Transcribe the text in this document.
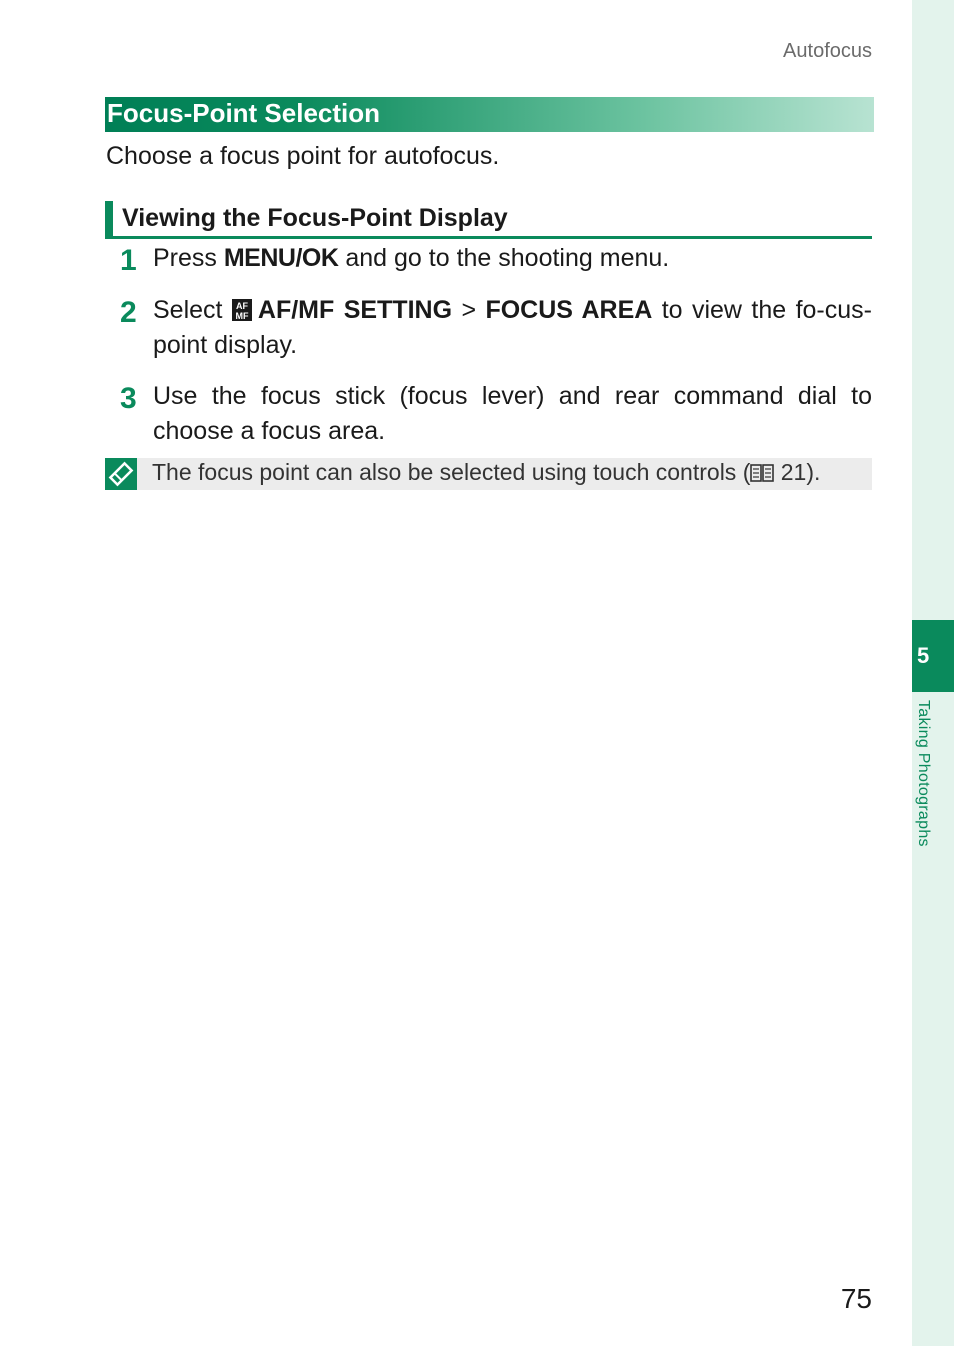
5
Taking Photographs
Autofocus
Focus-Point Selection
Choose a focus point for autofocus.
Viewing the Focus-Point Display
1 Press MENU/OK and go to the shooting menu.
2 Select AF
MF AF/MF SETTING > FOCUS AREA to view the fo-cus-point display.
3 Use the focus stick (focus lever) and rear command dial to choose a focus area.
The focus point can also be selected using touch controls ( 21).
75
